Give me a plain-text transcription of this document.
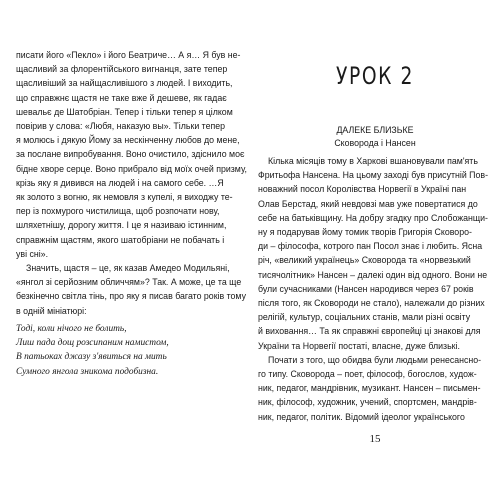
писати його «Пекло» і його Беатриче… А я… Я був не-
щасливий за флорентійського вигнанця, зате тепер
щасливіший за найщасливішого з людей. І виходить,
що справжнє щастя не таке вже й дешеве, як гадає
шевальє де Шатобріан. Тепер і тільки тепер я цілком
повірив у слова: «Любя, наказую вы». Тільки тепер
я молюсь і дякую Йому за нескінченну любов до мене,
за послане випробування. Воно очистило, здіснило моє
бідне хворе серце. Воно прибрало від моїх очей призму,
крізь яку я дивився на людей і на самого себе. …Я
як золото з вогню, як немовля з купелі, я виходжу те-
пер із похмурого чистилища, щоб розпочати нову,
шляхетнішу, дорогу життя. І це я називаю істинним,
справжнім щастям, якого шатобріани не побачать і
уві сні».
Значить, щастя – це, як казав Амедео Модильяні,
«янгол зі серйозним обличчям»? Так. А може, це та ще
безкінечно світла тінь, про яку я писав багато років тому
в одній мініатюрі:
Тоді, коли нічого не болить,
Лиш пада дощ розсипаним намистом,
В патьоках джазу з'явиться на мить
Сумного янгола зникома подобизна.
УРОК 2
ДАЛЕКЕ БЛИЗЬКЕ
Сковорода і Нансен
Кілька місяців тому в Харкові вшановували пам'ять
Фритьофа Нансена. На цьому заході був присутній Пов-
новажний посол Королівства Норвегії в Україні пан
Олав Берстад, який невдовзі мав уже повертатися до
себе на батьківщину. На добру згадку про Слобожанщи-
ну я подарував йому томик творів Григорія Сковоро-
ди – філософа, котрого пан Посол знає і любить. Ясна
річ, «великий українець» Сковорода та «норвезький
тисячолітник» Нансен – далекі один від одного. Вони не
були сучасниками (Нансен народився через 67 років
після того, як Сковороди не стало), належали до різних
релігій, культур, соціальних станів, мали різні освіту
й виховання… Та як справжні європейці ці знакові для
України та Норвегії постаті, власне, дуже близькі.
Почати з того, що обидва були людьми ренесансно-
го типу. Сковорода – поет, філософ, богослов, худож-
ник, педагог, мандрівник, музикант. Нансен – письмен-
ник, філософ, художник, учений, спортсмен, мандрів-
ник, педагог, політик. Відомий ідеолог українського
15
